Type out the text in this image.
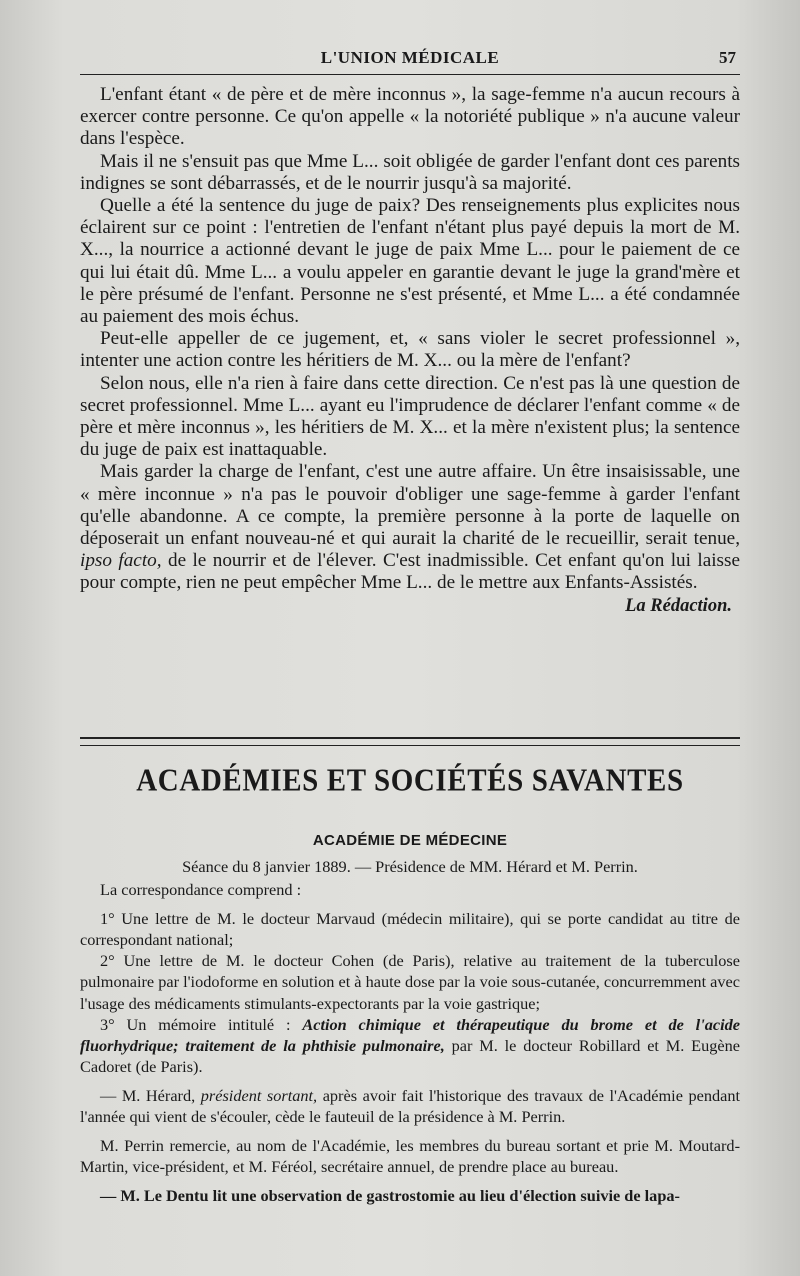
L'UNION MÉDICALE	57

L'enfant étant « de père et de mère inconnus », la sage-femme n'a aucun recours à exercer contre personne. Ce qu'on appelle « la notoriété publique » n'a aucune valeur dans l'espèce.

Mais il ne s'ensuit pas que Mme L... soit obligée de garder l'enfant dont ces parents indignes se sont débarrassés, et de le nourrir jusqu'à sa majorité.

Quelle a été la sentence du juge de paix? Des renseignements plus explicites nous éclairent sur ce point : l'entretien de l'enfant n'étant plus payé depuis la mort de M. X..., la nourrice a actionné devant le juge de paix Mme L... pour le paiement de ce qui lui était dû. Mme L... a voulu appeler en garantie devant le juge la grand'mère et le père présumé de l'enfant. Personne ne s'est présenté, et Mme L... a été condamnée au paiement des mois échus.

Peut-elle appeller de ce jugement, et, « sans violer le secret professionnel », intenter une action contre les héritiers de M. X... ou la mère de l'enfant?

Selon nous, elle n'a rien à faire dans cette direction. Ce n'est pas là une question de secret professionnel. Mme L... ayant eu l'imprudence de déclarer l'enfant comme « de père et mère inconnus », les héritiers de M. X... et la mère n'existent plus; la sentence du juge de paix est inattaquable.

Mais garder la charge de l'enfant, c'est une autre affaire. Un être insaisissable, une « mère inconnue » n'a pas le pouvoir d'obliger une sage-femme à garder l'enfant qu'elle abandonne. A ce compte, la première personne à la porte de laquelle on déposerait un enfant nouveau-né et qui aurait la charité de le recueillir, serait tenue, ipso facto, de le nourrir et de l'élever. C'est inadmissible. Cet enfant qu'on lui laisse pour compte, rien ne peut empêcher Mme L... de le mettre aux Enfants-Assistés.

La Rédaction.
ACADÉMIES ET SOCIÉTÉS SAVANTES
ACADÉMIE DE MÉDECINE

Séance du 8 janvier 1889. — Présidence de MM. Hérard et M. Perrin.

La correspondance comprend :

1° Une lettre de M. le docteur Marvaud (médecin militaire), qui se porte candidat au titre de correspondant national;

2° Une lettre de M. le docteur Cohen (de Paris), relative au traitement de la tuberculose pulmonaire par l'iodoforme en solution et à haute dose par la voie sous-cutanée, concurremment avec l'usage des médicaments stimulants-expectorants par la voie gastrique;

3° Un mémoire intitulé : Action chimique et thérapeutique du brome et de l'acide fluorhydrique; traitement de la phthisie pulmonaire, par M. le docteur Robillard et M. Eugène Cadoret (de Paris).

— M. Hérard, président sortant, après avoir fait l'historique des travaux de l'Académie pendant l'année qui vient de s'écouler, cède le fauteuil de la présidence à M. Perrin.

M. Perrin remercie, au nom de l'Académie, les membres du bureau sortant et prie M. Moutard-Martin, vice-président, et M. Féréol, secrétaire annuel, de prendre place au bureau.

— M. Le Dentu lit une observation de gastrostomie au lieu d'élection suivie de lapa-
